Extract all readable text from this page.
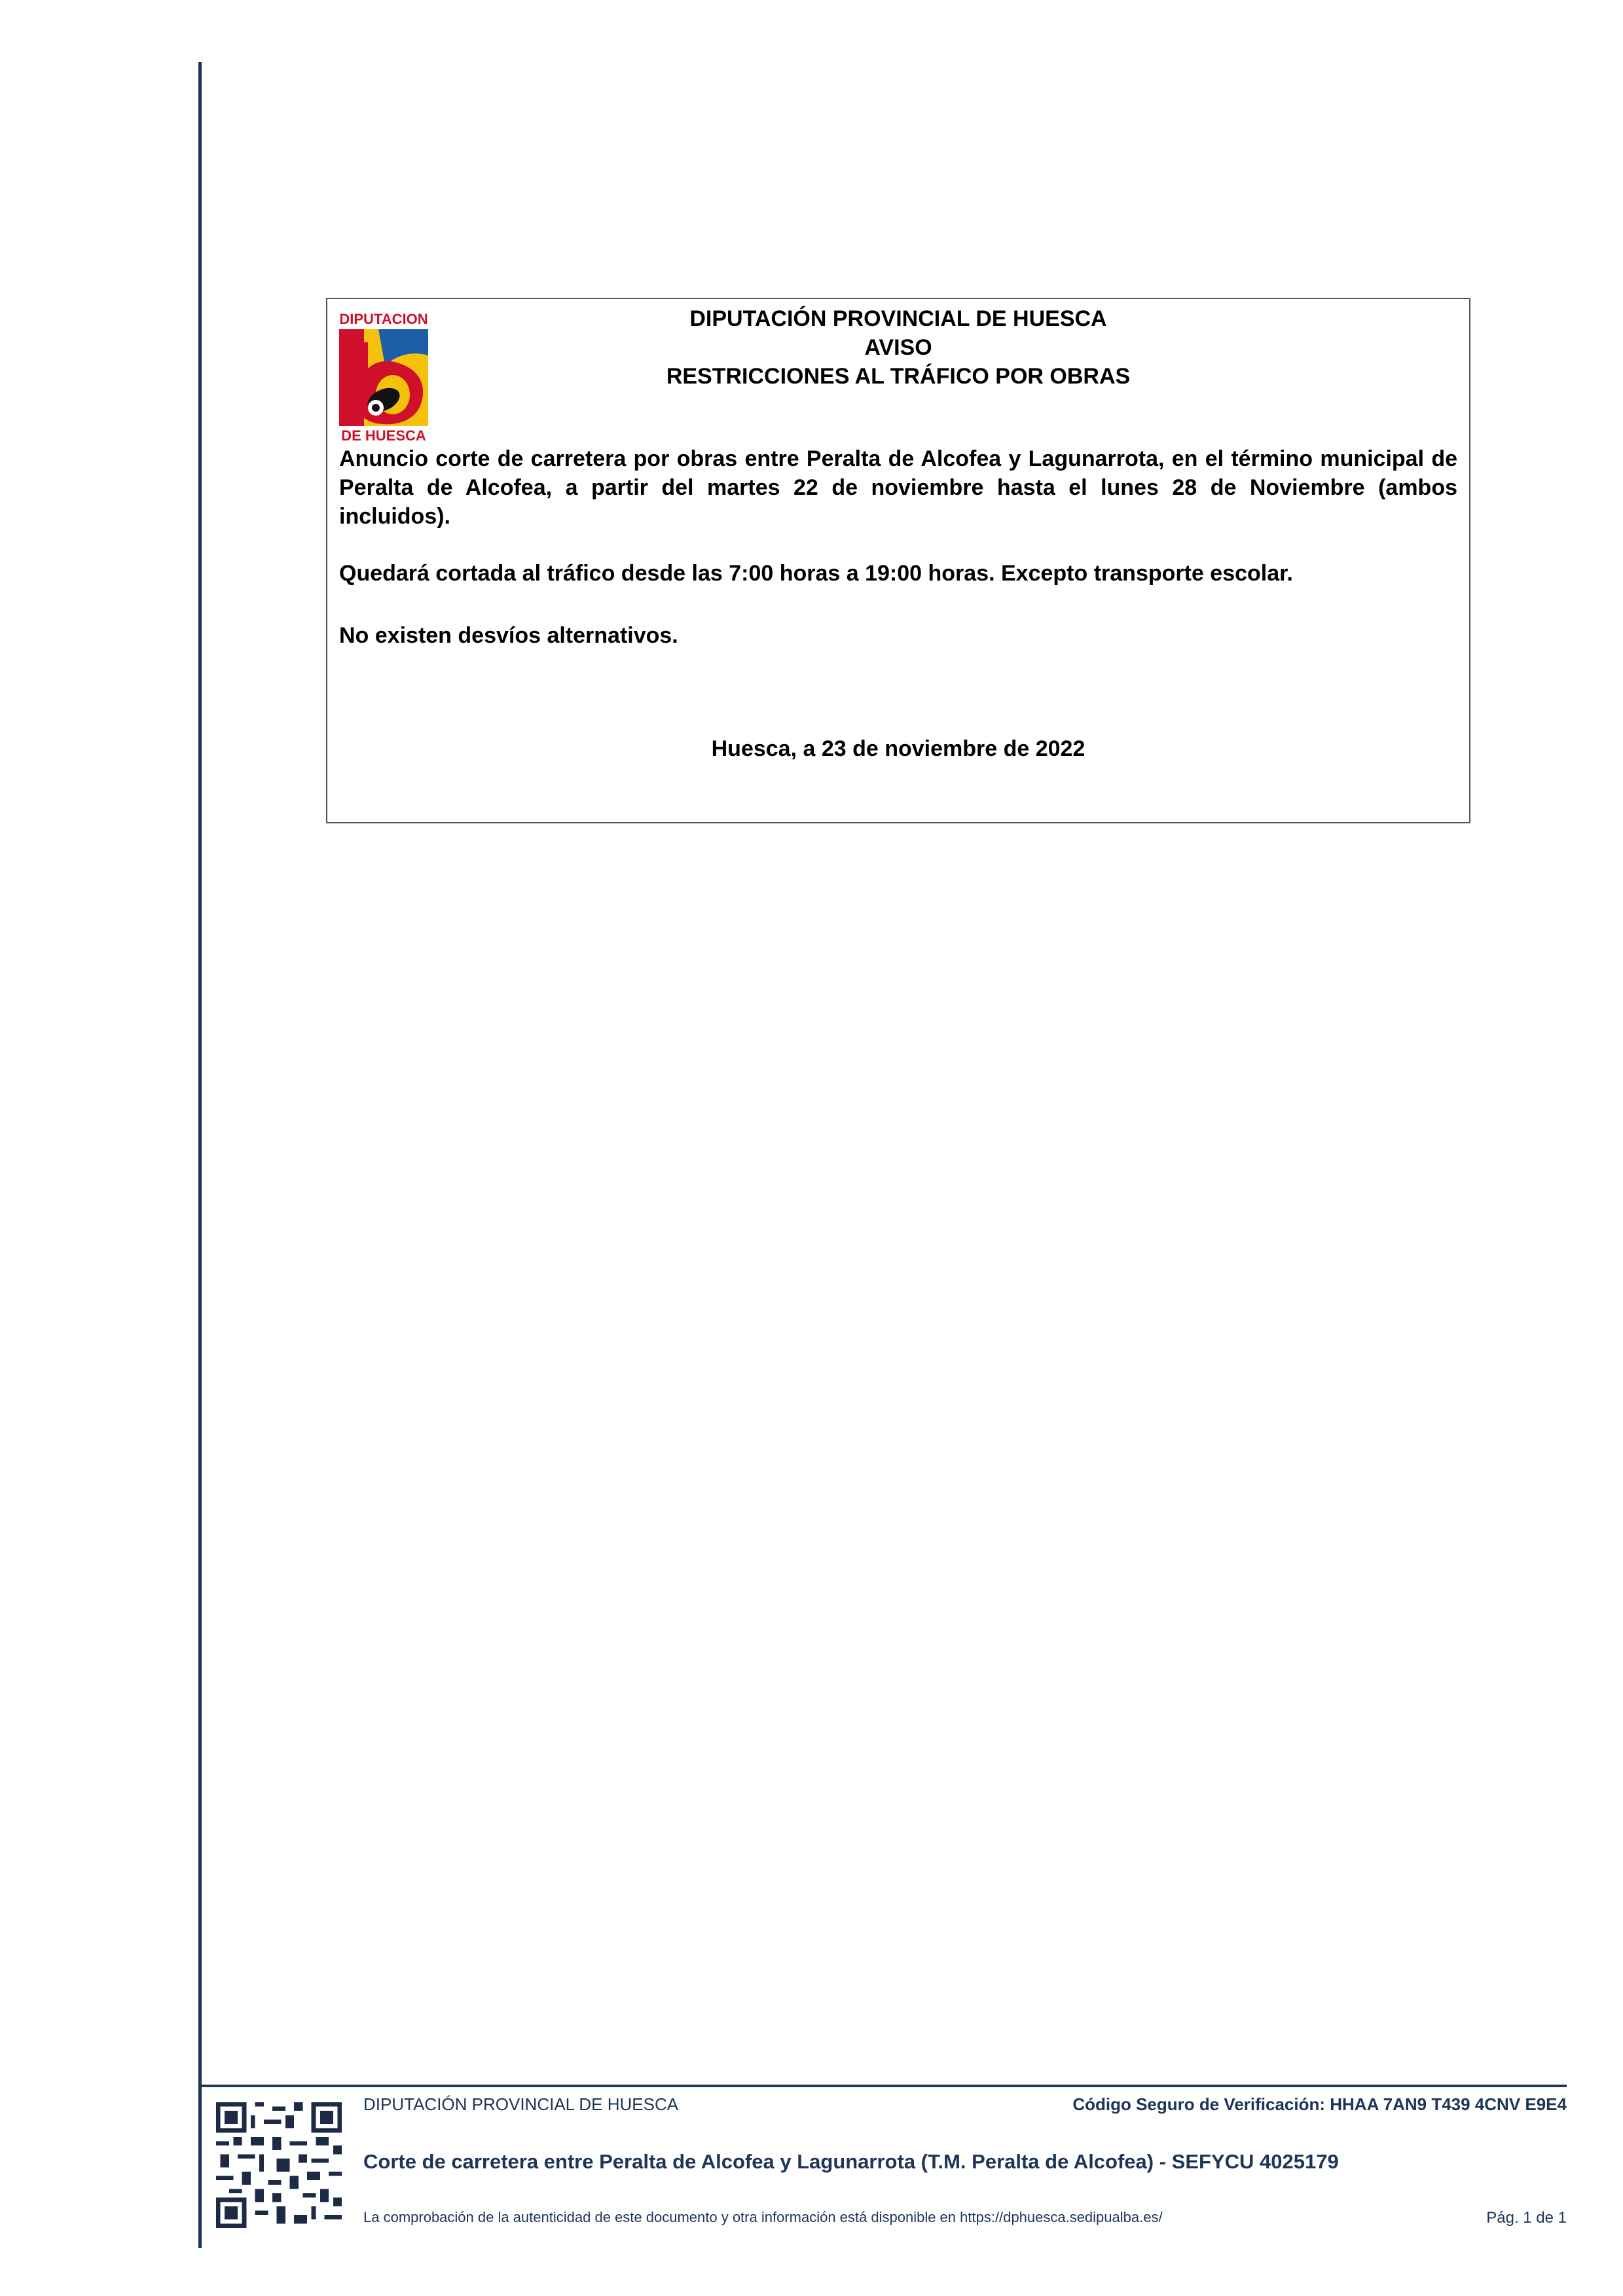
DIPUTACION
DE HUESCA
DIPUTACIÓN PROVINCIAL DE HUESCA
AVISO
RESTRICCIONES AL TRÁFICO POR OBRAS
Anuncio corte de carretera por obras entre Peralta de Alcofea y Lagunarrota, en el término municipal de Peralta de Alcofea, a partir del martes 22 de noviembre hasta el lunes 28 de Noviembre (ambos incluidos).
Quedará cortada al tráfico desde las 7:00 horas a 19:00 horas. Excepto transporte escolar.
No existen desvíos alternativos.
Huesca, a 23 de noviembre de 2022
DIPUTACIÓN PROVINCIAL DE HUESCA	Código Seguro de Verificación: HHAA 7AN9 T439 4CNV E9E4
Corte de carretera entre Peralta de Alcofea y Lagunarrota (T.M. Peralta de Alcofea) - SEFYCU 4025179
La comprobación de la autenticidad de este documento y otra información está disponible en https://dphuesca.sedipualba.es/	Pág. 1 de 1
